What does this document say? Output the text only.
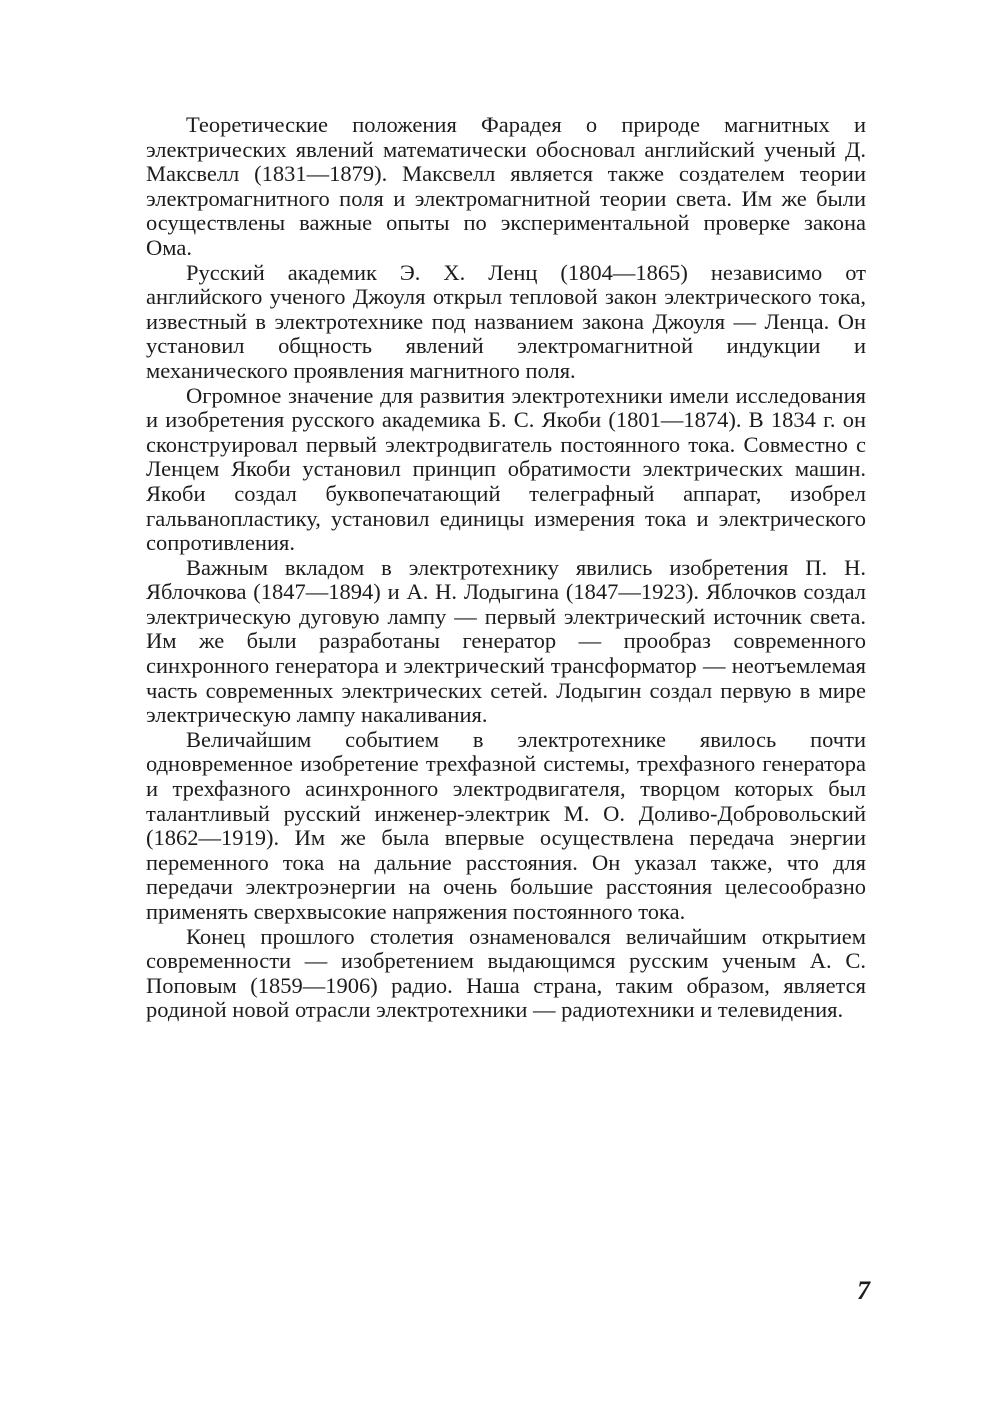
Теоретические положения Фарадея о природе магнитных и электрических явлений математически обосновал английский ученый Д. Максвелл (1831—1879). Максвелл является также создателем теории электромагнитного поля и электромагнитной теории света. Им же были осуществлены важные опыты по экспериментальной проверке закона Ома.

Русский академик Э. Х. Ленц (1804—1865) независимо от английского ученого Джоуля открыл тепловой закон электрического тока, известный в электротехнике под названием закона Джоуля — Ленца. Он установил общность явлений электромагнитной индукции и механического проявления магнитного поля.

Огромное значение для развития электротехники имели исследования и изобретения русского академика Б. С. Якоби (1801—1874). В 1834 г. он сконструировал первый электродвигатель постоянного тока. Совместно с Ленцем Якоби установил принцип обратимости электрических машин. Якоби создал буквопечатающий телеграфный аппарат, изобрел гальванопластику, установил единицы измерения тока и электрического сопротивления.

Важным вкладом в электротехнику явились изобретения П. Н. Яблочкова (1847—1894) и А. Н. Лодыгина (1847—1923). Яблочков создал электрическую дуговую лампу — первый электрический источник света. Им же были разработаны генератор — прообраз современного синхронного генератора и электрический трансформатор — неотъемлемая часть современных электрических сетей. Лодыгин создал первую в мире электрическую лампу накаливания.

Величайшим событием в электротехнике явилось почти одновременное изобретение трехфазной системы, трехфазного генератора и трехфазного асинхронного электродвигателя, творцом которых был талантливый русский инженер-электрик М. О. Доливо-Добровольский (1862—1919). Им же была впервые осуществлена передача энергии переменного тока на дальние расстояния. Он указал также, что для передачи электроэнергии на очень большие расстояния целесообразно применять сверхвысокие напряжения постоянного тока.

Конец прошлого столетия ознаменовался величайшим открытием современности — изобретением выдающимся русским ученым А. С. Поповым (1859—1906) радио. Наша страна, таким образом, является родиной новой отрасли электротехники — радиотехники и телевидения.

7
